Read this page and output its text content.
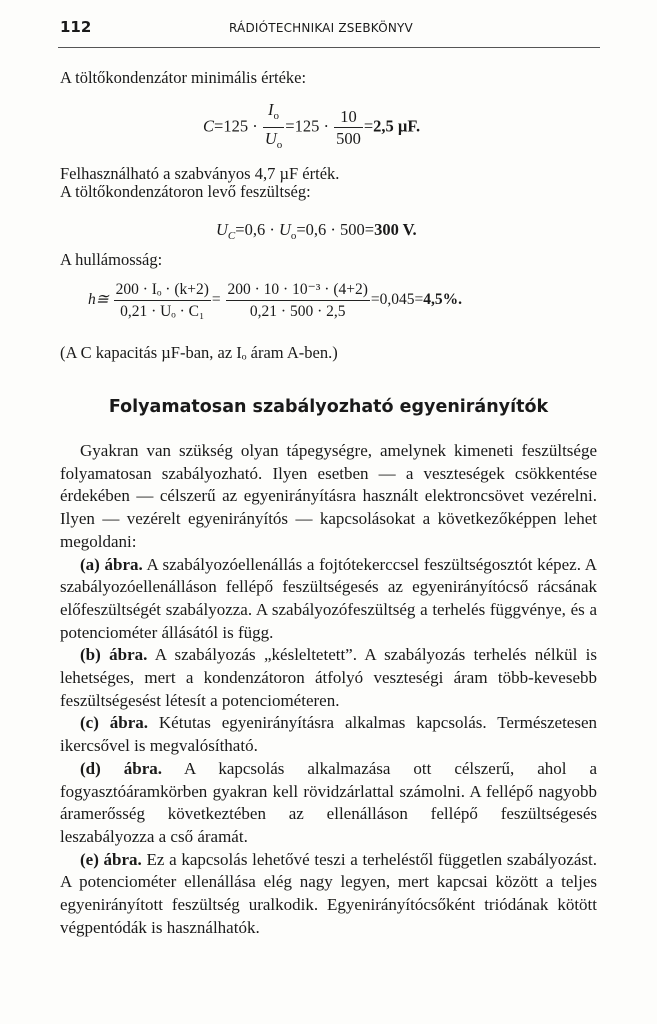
112	RÁDIÓTECHNIKAI ZSEBKÖNYV
A töltőkondenzátor minimális értéke:
$C=125 \cdot \frac{I_o}{U_o} =125 \cdot \frac{10}{500} =2,5$ µF.
Felhasználható a szabványos 4,7 µF érték.
A töltőkondenzátoron levő feszültség:
$U_C=0,6 \cdot U_o=0,6 \cdot 500=300$ V.
A hullámosság:
h≅ $\frac{\text{200 · Iₒ · (k+2)}}{\text{0,21 · Uₒ · C₁}} = \frac{\text{200 · 10 · 10⁻³ · (4+2)}}{0,21 \cdot 500 \cdot 2,5} =0,045=4,5\%$.
(A C kapacitás µF-ban, az Iₒ áram A-ben.)
Folyamatosan szabályozható egyenirányítók

Gyakran van szükség olyan tápegységre, amelynek kimeneti feszültsége folyamatosan szabályozható. Ilyen esetben — a veszteségek csökkentése érdekében — célszerű az egyenirányításra használt elektroncsövet vezérelni. Ilyen — vezérelt egyenirányítós — kapcsolásokat a következőképpen lehet megoldani:

(a) ábra. A szabályozóellenállás a fojtótekerccsel feszültségosztót képez. A szabályozóellenálláson fellépő feszültségesés az egyenirányítócső rácsának előfeszültségét szabályozza. A szabályozófeszültség a terhelés függvénye, és a potenciométer állásától is függ.

(b) ábra. A szabályozás „késleltetett”. A szabályozás terhelés nélkül is lehetséges, mert a kondenzátoron átfolyó veszteségi áram több-kevesebb feszültségesést létesít a potenciométeren.

(c) ábra. Kétutas egyenirányításra alkalmas kapcsolás. Természetesen ikercsővel is megvalósítható.

(d) ábra. A kapcsolás alkalmazása ott célszerű, ahol a fogyasztóáramkörben gyakran kell rövidzárlattal számolni. A fellépő nagyobb áramerősség következtében az ellenálláson fellépő feszültségesés leszabályozza a cső áramát.

(e) ábra. Ez a kapcsolás lehetővé teszi a terheléstől független szabályozást. A potenciométer ellenállása elég nagy legyen, mert kapcsai között a teljes egyenirányított feszültség uralkodik. Egyenirányítócsőként triódának kötött végpentódák is használhatók.
